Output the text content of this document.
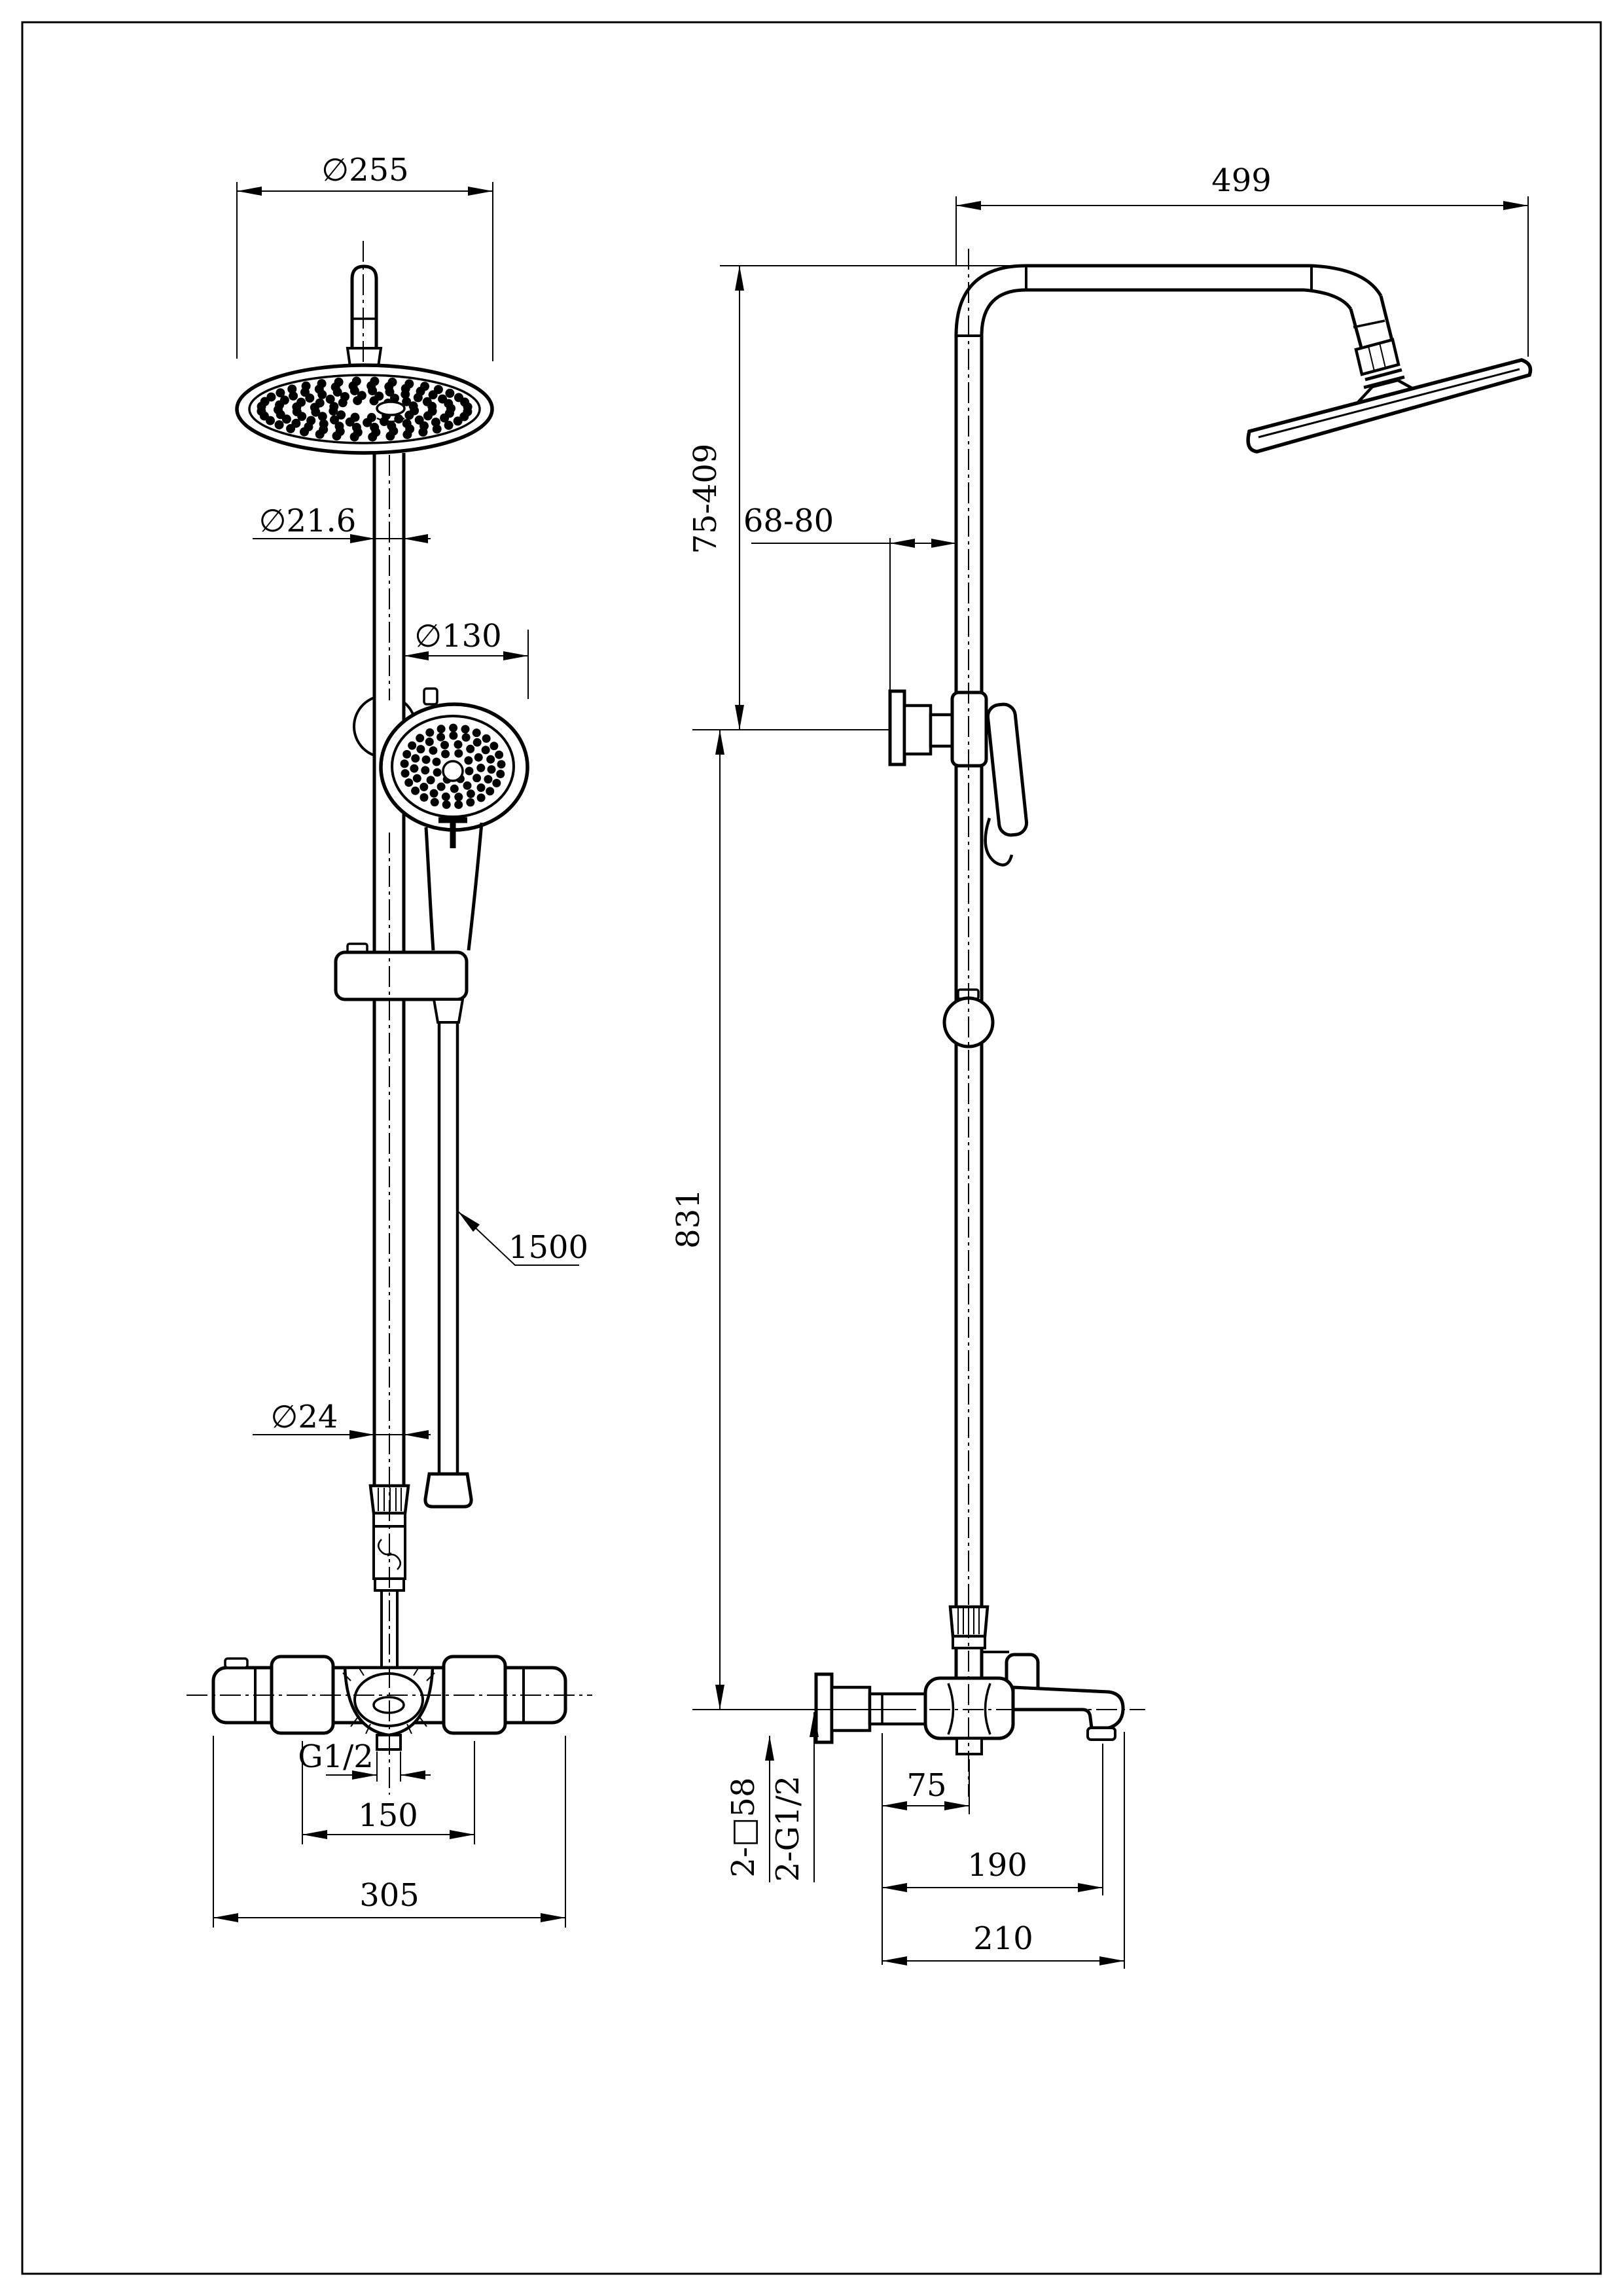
∅255
∅21.6
∅130
1500
∅24
G1/2
150
305
499
75-409 68-80
831
75
190
210
2-□58 2-G1/2
